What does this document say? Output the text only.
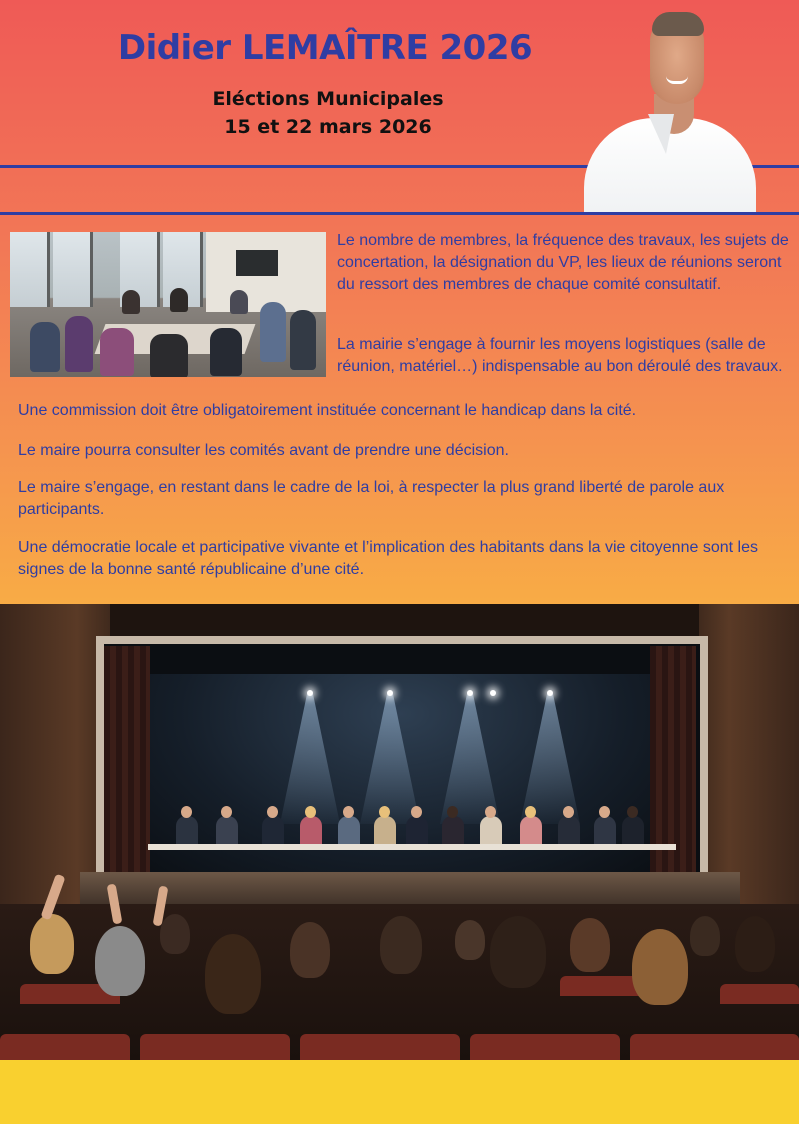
Didier LEMAÎTRE 2026
Eléctions Municipales
15 et 22 mars 2026
Le nombre de membres, la fréquence des travaux, les sujets de concertation, la désignation du VP, les lieux de réunions seront du ressort des membres de chaque comité consultatif.
La mairie s’engage à fournir les moyens logistiques (salle de réunion, matériel…) indispensable au bon déroulé des travaux.
Une commission doit être obligatoirement instituée concernant le handicap dans la cité.
Le maire pourra consulter les comités avant de prendre une décision.
Le maire s’engage, en restant dans le cadre de la loi, à respecter la plus grand liberté de parole aux participants.
Une démocratie locale et participative vivante et l’implication des habitants dans la vie citoyenne sont les signes de la bonne santé républicaine d’une cité.
